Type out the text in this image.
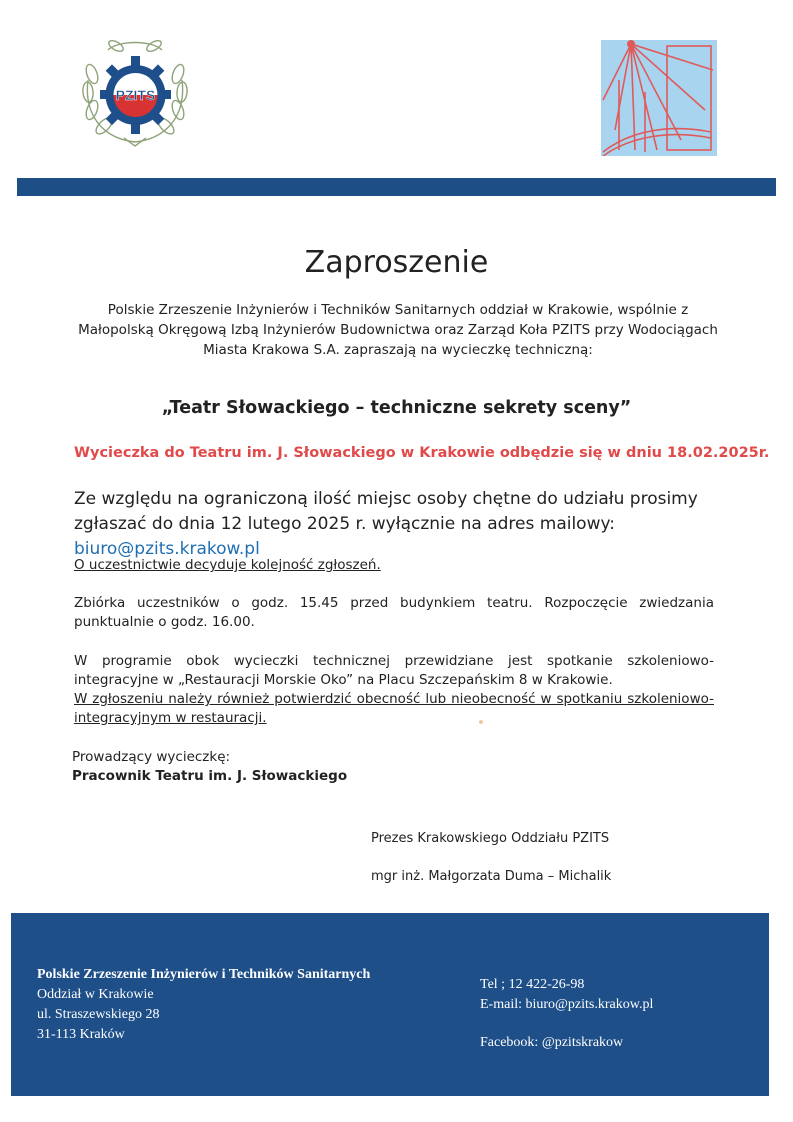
PZITS
Zaproszenie
Polskie Zrzeszenie Inżynierów i Techników Sanitarnych oddział w Krakowie, wspólnie z Małopolską Okręgową Izbą Inżynierów Budownictwa oraz Zarząd Koła PZITS przy Wodociągach Miasta Krakowa S.A. zapraszają na wycieczkę techniczną:
„Teatr Słowackiego – techniczne sekrety sceny”
Wycieczka do Teatru im. J. Słowackiego w Krakowie odbędzie się w dniu 18.02.2025r.
Ze względu na ograniczoną ilość miejsc osoby chętne do udziału prosimy zgłaszać do dnia 12 lutego 2025 r. wyłącznie na adres mailowy: biuro@pzits.krakow.pl
O uczestnictwie decyduje kolejność zgłoszeń.
Zbiórka uczestników o godz. 15.45 przed budynkiem teatru. Rozpoczęcie zwiedzania punktualnie o godz. 16.00.
W programie obok wycieczki technicznej przewidziane jest spotkanie szkoleniowo-integracyjne w „Restauracji Morskie Oko” na Placu Szczepańskim 8 w Krakowie.
W zgłoszeniu należy również potwierdzić obecność lub nieobecność w spotkaniu szkoleniowo-integracyjnym w restauracji.
Prowadzący wycieczkę:
Pracownik Teatru im. J. Słowackiego
Prezes Krakowskiego Oddziału PZITS
mgr inż. Małgorzata Duma – Michalik
Polskie Zrzeszenie Inżynierów i Techników Sanitarnych
Oddział w Krakowie
ul. Straszewskiego 28
31-113 Kraków
Tel ; 12 422-26-98
E-mail: biuro@pzits.krakow.pl
Facebook: @pzitskrakow
